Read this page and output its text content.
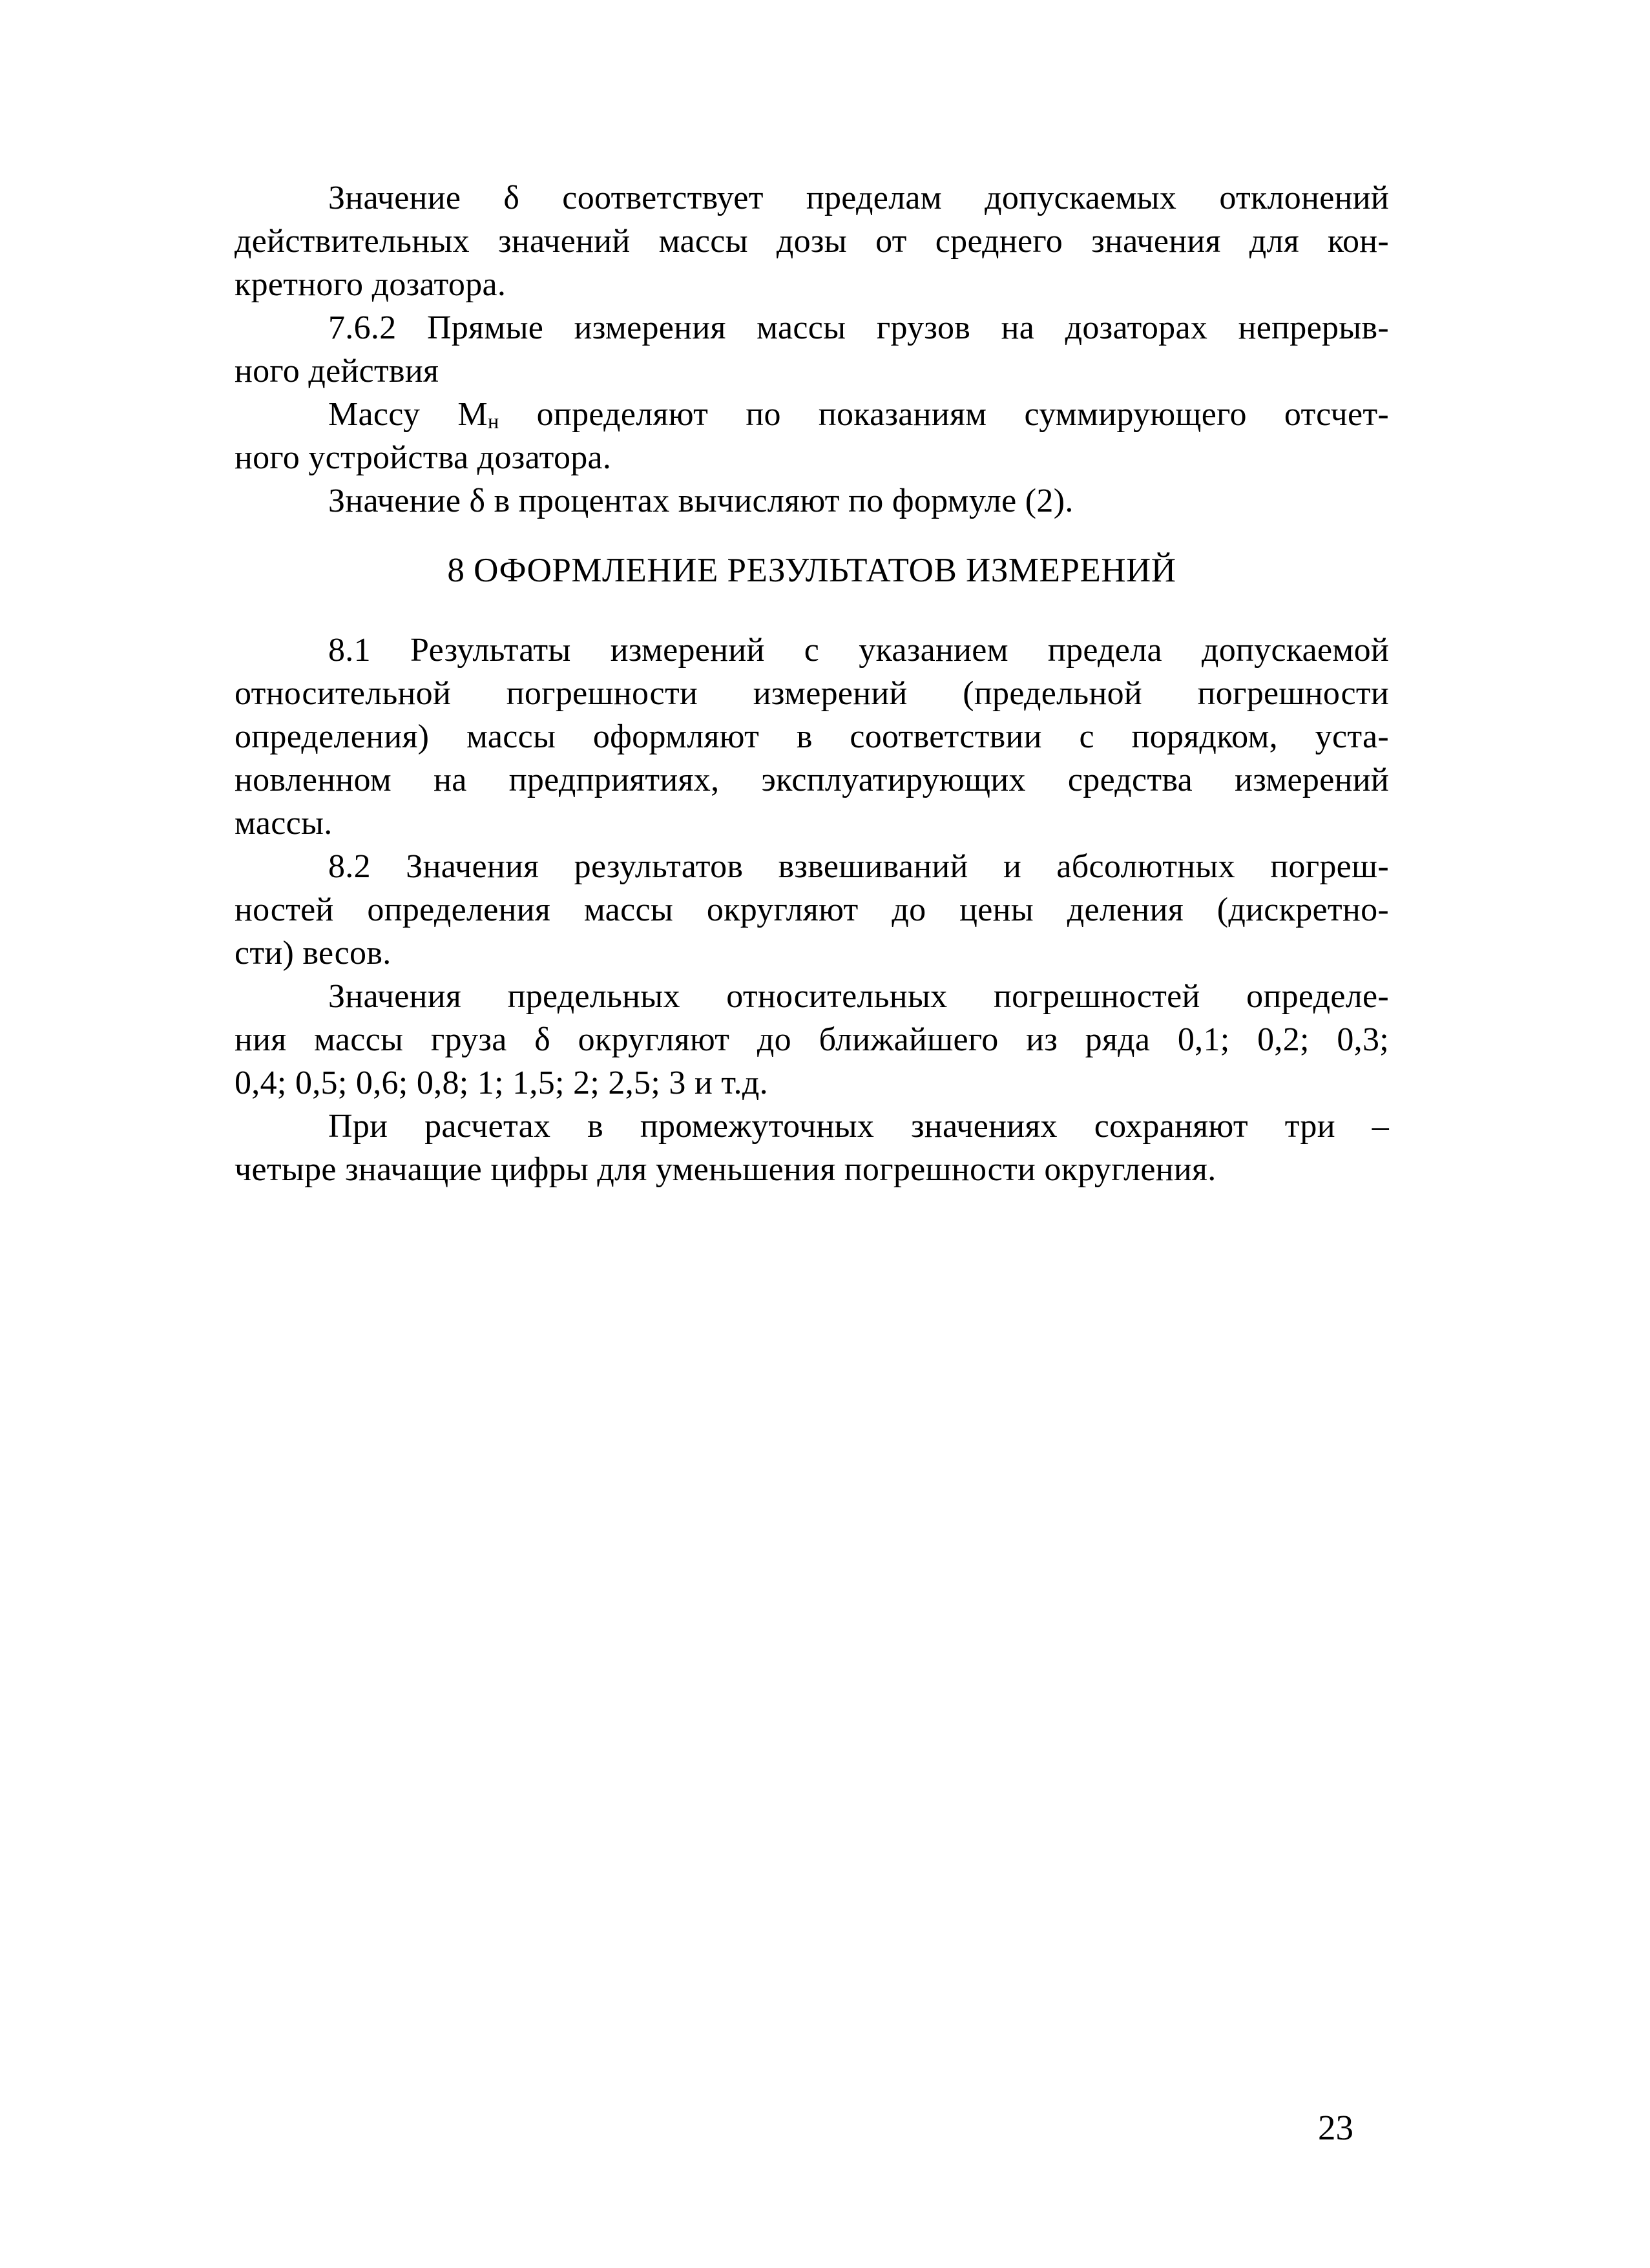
Значение δ соответствует пределам допускаемых отклонений
действительных значений массы дозы от среднего значения для кон-
кретного дозатора.
7.6.2 Прямые измерения массы грузов на дозаторах непрерыв-
ного действия
Массу $М_н$ определяют по показаниям суммирующего отсчет-
ного устройства дозатора.
Значение δ в процентах вычисляют по формуле (2).
8 ОФОРМЛЕНИЕ РЕЗУЛЬТАТОВ ИЗМЕРЕНИЙ
8.1 Результаты измерений с указанием предела допускаемой
относительной погрешности измерений (предельной погрешности
определения) массы оформляют в соответствии с порядком, уста-
новленном на предприятиях, эксплуатирующих средства измерений
массы.
8.2 Значения результатов взвешиваний и абсолютных погреш-
ностей определения массы округляют до цены деления (дискретно-
сти) весов.
Значения предельных относительных погрешностей определе-
ния массы груза δ округляют до ближайшего из ряда 0,1; 0,2; 0,3;
0,4; 0,5; 0,6; 0,8; 1; 1,5; 2; 2,5; 3 и т.д.
При расчетах в промежуточных значениях сохраняют три –
четыре значащие цифры для уменьшения погрешности округления.
23
